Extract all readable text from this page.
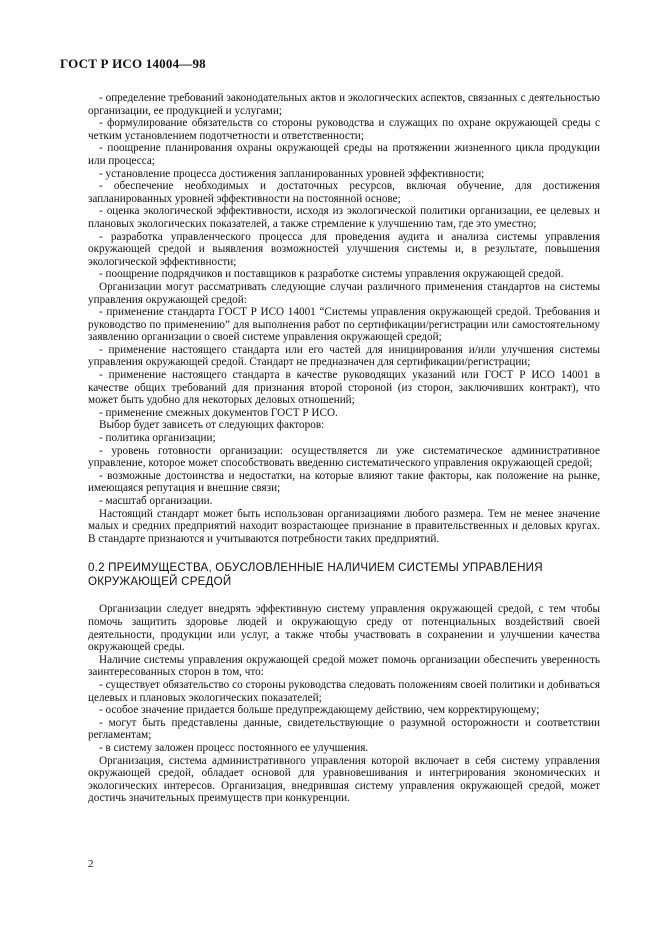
ГОСТ Р ИСО 14004—98

- определение требований законодательных актов и экологических аспектов, связанных с деятельностью организации, ее продукцией и услугами;

- формулирование обязательств со стороны руководства и служащих по охране окружающей среды с четким установлением подотчетности и ответственности;

- поощрение планирования охраны окружающей среды на протяжении жизненного цикла продукции или процесса;

- установление процесса достижения запланированных уровней эффективности;

- обеспечение необходимых и достаточных ресурсов, включая обучение, для достижения запланированных уровней эффективности на постоянной основе;

- оценка экологической эффективности, исходя из экологической политики организации, ее целевых и плановых экологических показателей, а также стремление к улучшению там, где это уместно;

- разработка управленческого процесса для проведения аудита и анализа системы управления окружающей средой и выявления возможностей улучшения системы и, в результате, повышения экологической эффективности;

- поощрение подрядчиков и поставщиков к разработке системы управления окружающей средой.

Организации могут рассматривать следующие случаи различного применения стандартов на системы управления окружающей средой:

- применение стандарта ГОСТ Р ИСО 14001 “Системы управления окружающей средой. Требования и руководство по применению” для выполнения работ по сертификации/регистрации или самостоятельному заявлению организации о своей системе управления окружающей средой;

- применение настоящего стандарта или его частей для инициирования и/или улучшения системы управления окружающей средой. Стандарт не предназначен для сертификации/регистрации;

- применение настоящего стандарта в качестве руководящих указаний или ГОСТ Р ИСО 14001 в качестве общих требований для признания второй стороной (из сторон, заключивших контракт), что может быть удобно для некоторых деловых отношений;

- применение смежных документов ГОСТ Р ИСО.

Выбор будет зависеть от следующих факторов:

- политика организации;

- уровень готовности организации: осуществляется ли уже систематическое административное управление, которое может способствовать введению систематического управления окружающей средой;

- возможные достоинства и недостатки, на которые влияют такие факторы, как положение на рынке, имеющаяся репутация и внешние связи;

- масштаб организации.

Настоящий стандарт может быть использован организациями любого размера. Тем не менее значение малых и средних предприятий находит возрастающее признание в правительственных и деловых кругах. В стандарте признаются и учитываются потребности таких предприятий.

0.2 ПРЕИМУЩЕСТВА, ОБУСЛОВЛЕННЫЕ НАЛИЧИЕМ СИСТЕМЫ УПРАВЛЕНИЯ ОКРУЖАЮЩЕЙ СРЕДОЙ

Организации следует внедрять эффективную систему управления окружающей средой, с тем чтобы помочь защитить здоровье людей и окружающую среду от потенциальных воздействий своей деятельности, продукции или услуг, а также чтобы участвовать в сохранении и улучшении качества окружающей среды.

Наличие системы управления окружающей средой может помочь организации обеспечить уверенность заинтересованных сторон в том, что:

- существует обязательство со стороны руководства следовать положениям своей политики и добиваться целевых и плановых экологических показателей;

- особое значение придается больше предупреждающему действию, чем корректирующему;

- могут быть представлены данные, свидетельствующие о разумной осторожности и соответствии регламентам;

- в систему заложен процесс постоянного ее улучшения.

Организация, система административного управления которой включает в себя систему управления окружающей средой, обладает основой для уравновешивания и интегрирования экономических и экологических интересов. Организация, внедрившая систему управления окружающей средой, может достичь значительных преимуществ при конкуренции.

2
